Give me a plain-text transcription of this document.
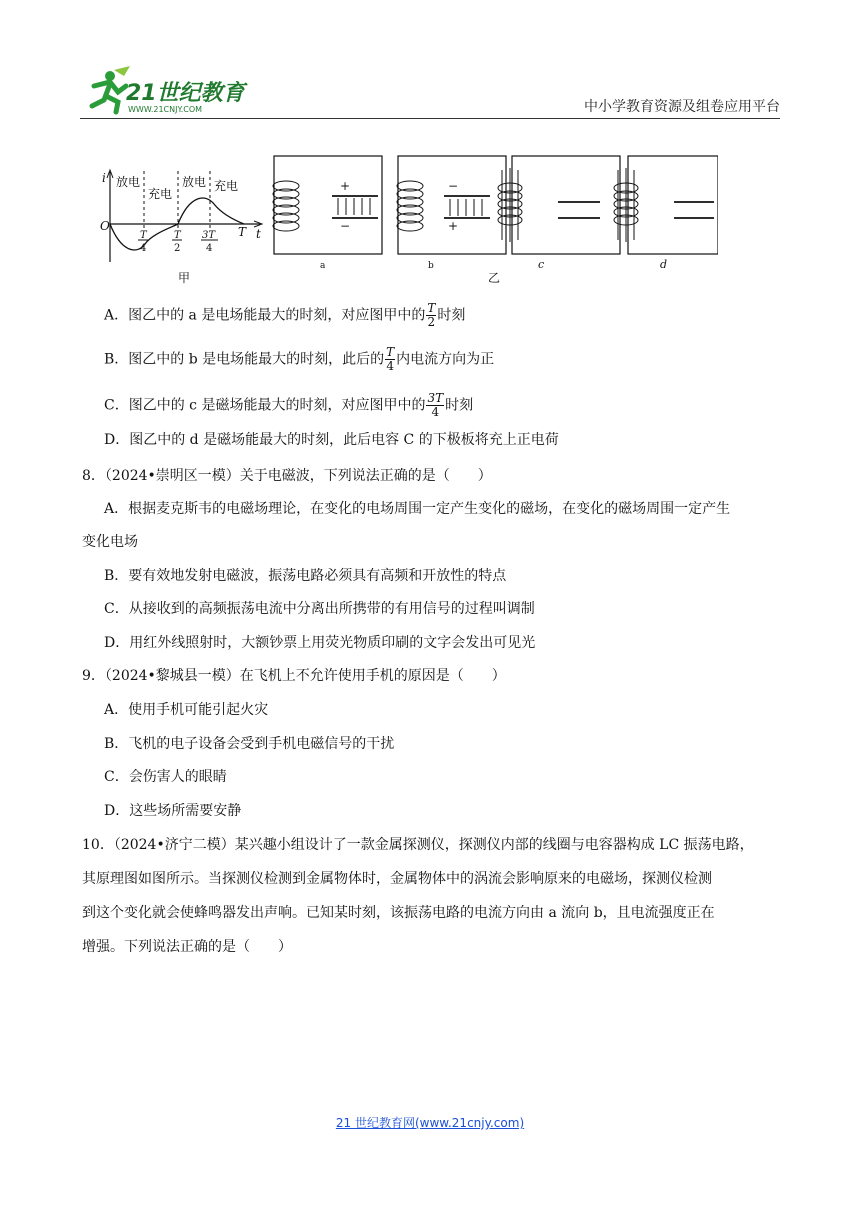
21世纪教育
WWW.21CNJY.COM	中小学教育资源及组卷应用平台
i
O
t
T
放电
充电
放电 充电
T
4
T
2
3T
4
甲
+
−
a
−
+
b	c	d
乙
A．图乙中的 a 是电场能最大的时刻，对应图甲中的 $\frac{T}{2}$ 时刻
B．图乙中的 b 是电场能最大的时刻，此后的 $\frac{T}{4}$ 内电流方向为正
C．图乙中的 c 是磁场能最大的时刻，对应图甲中的 $\frac{3T}{4}$ 时刻
D．图乙中的 d 是磁场能最大的时刻，此后电容 C 的下极板将充上正电荷
8．（2024•崇明区一模）关于电磁波，下列说法正确的是（　　）
A．根据麦克斯韦的电磁场理论，在变化的电场周围一定产生变化的磁场，在变化的磁场周围一定产生
变化电场
B．要有效地发射电磁波，振荡电路必须具有高频和开放性的特点
C．从接收到的高频振荡电流中分离出所携带的有用信号的过程叫调制
D．用红外线照射时，大额钞票上用荧光物质印刷的文字会发出可见光
9．（2024•黎城县一模）在飞机上不允许使用手机的原因是（　　）
A．使用手机可能引起火灾
B．飞机的电子设备会受到手机电磁信号的干扰
C．会伤害人的眼睛
D．这些场所需要安静
10．（2024•济宁二模）某兴趣小组设计了一款金属探测仪，探测仪内部的线圈与电容器构成 LC 振荡电路，
其原理图如图所示。当探测仪检测到金属物体时，金属物体中的涡流会影响原来的电磁场，探测仪检测
到这个变化就会使蜂鸣器发出声响。已知某时刻，该振荡电路的电流方向由 a 流向 b，且电流强度正在
增强。下列说法正确的是（　　）
21 世纪教育网(www.21cnjy.com)
